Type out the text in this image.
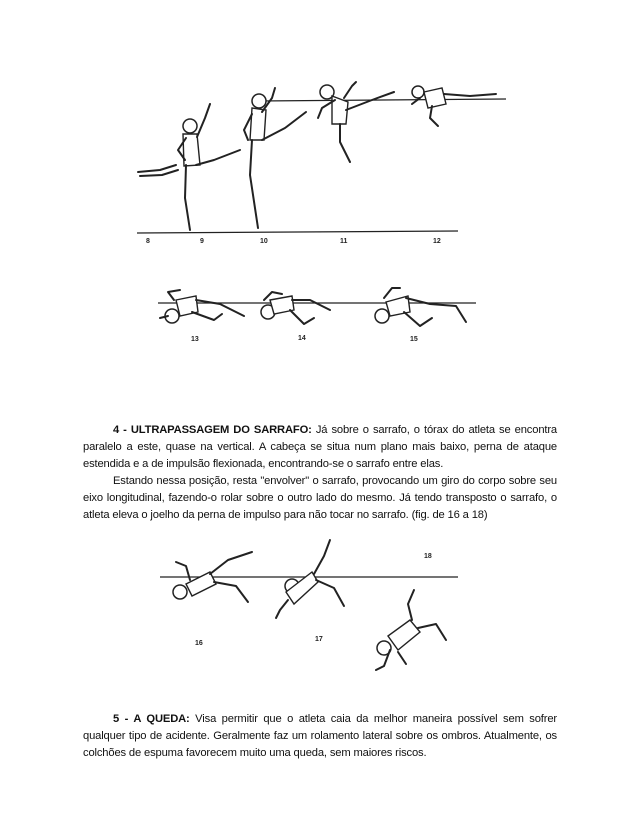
8	9	10	11	12
13	14	15

4 - ULTRAPASSAGEM DO SARRAFO: Já sobre o sarrafo, o tórax do atleta se encontra paralelo a este, quase na vertical. A cabeça se situa num plano mais baixo, perna de ataque estendida e a de impulsão flexionada, encontrando-se o sarrafo entre elas.

Estando nessa posição, resta "envolver" o sarrafo, provocando um giro do corpo sobre seu eixo longitudinal, fazendo-o rolar sobre o outro lado do mesmo. Já tendo transposto o sarrafo, o atleta eleva o joelho da perna de impulso para não tocar no sarrafo. (fig. de 16 a 18)

16
17
18

5 - A QUEDA: Visa permitir que o atleta caia da melhor maneira possível sem sofrer qualquer tipo de acidente. Geralmente faz um rolamento lateral sobre os ombros. Atualmente, os colchões de espuma favorecem muito uma queda, sem maiores riscos.
